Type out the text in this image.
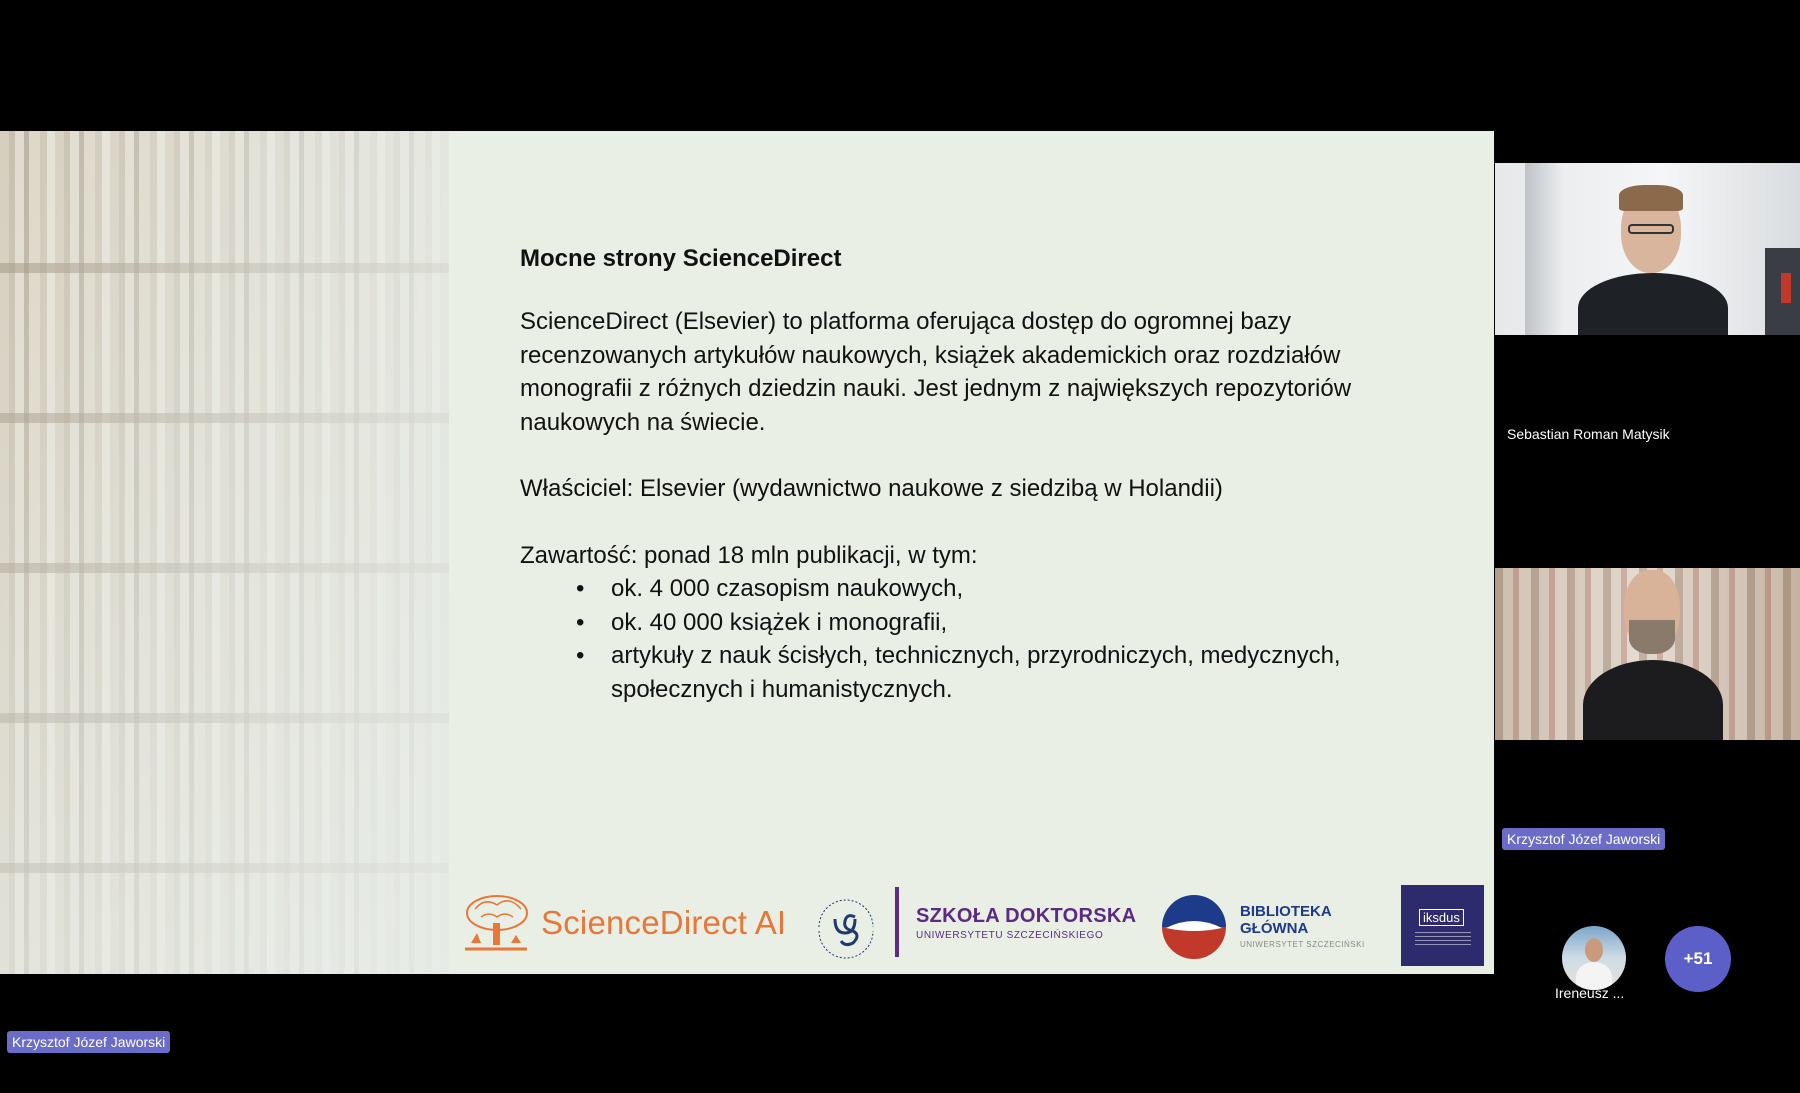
Mocne strony ScienceDirect

ScienceDirect (Elsevier) to platforma oferująca dostęp do ogromnej bazy recenzowanych artykułów naukowych, książek akademickich oraz rozdziałów monografii z różnych dziedzin nauki. Jest jednym z największych repozytoriów naukowych na świecie.

Właściciel: Elsevier (wydawnictwo naukowe z siedzibą w Holandii)

Zawartość: ponad 18 mln publikacji, w tym:

• ok. 4 000 czasopism naukowych,
• ok. 40 000 książek i monografii,
• artykuły z nauk ścisłych, technicznych, przyrodniczych, medycznych, społecznych i humanistycznych.
ScienceDirect AI	SZKOŁA DOKTORSKA
UNIWERSYTETU SZCZECIŃSKIEGO
BIBLIOTEKA
GŁÓWNA
UNIWERSYTET SZCZECIŃSKI
iksdus
Sebastian Roman Matysik
Krzysztof Józef Jaworski
Krzysztof Józef Jaworski
Ireneusz ...
+51
